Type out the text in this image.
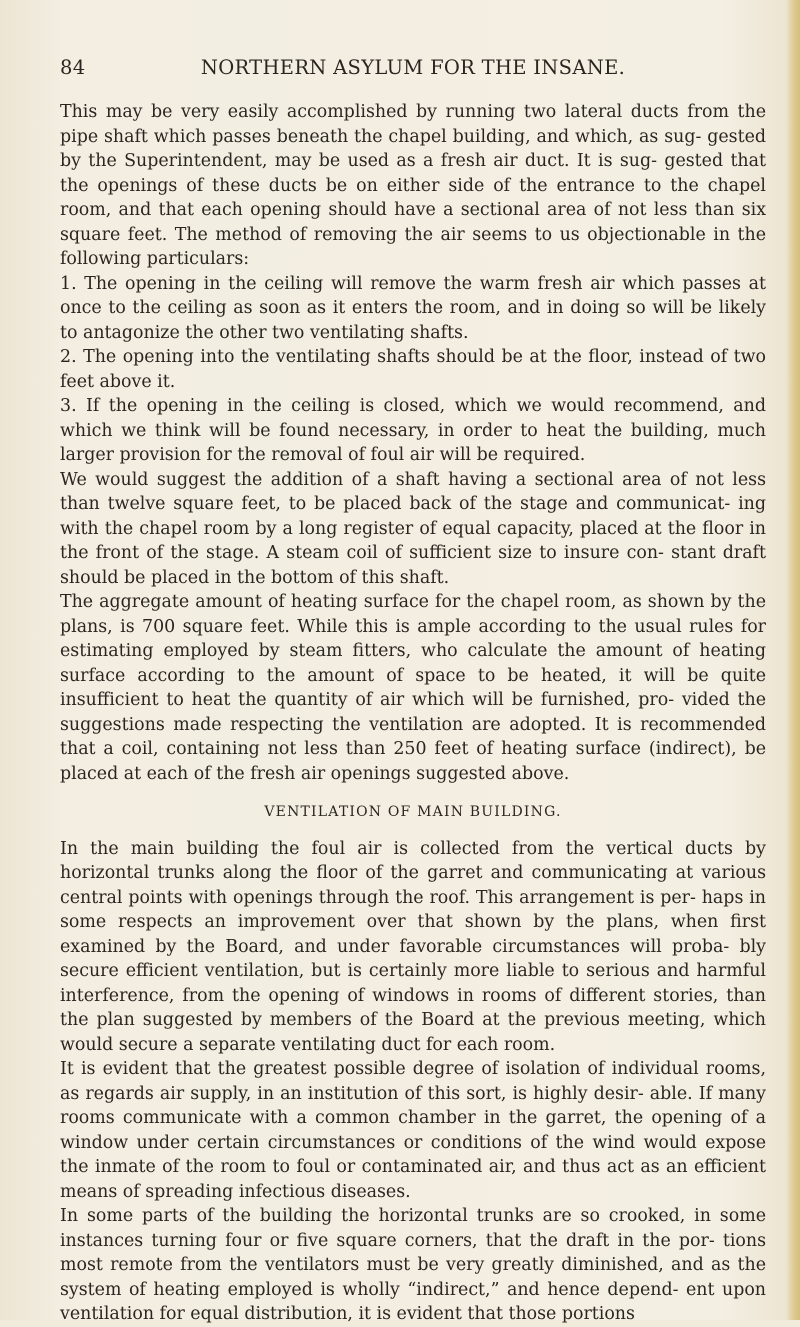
NORTHERN ASYLUM FOR THE INSANE.
84

This may be very easily accomplished by running two lateral ducts from the pipe shaft which passes beneath the chapel building, and which, as sug- gested by the Superintendent, may be used as a fresh air duct. It is sug- gested that the openings of these ducts be on either side of the entrance to the chapel room, and that each opening should have a sectional area of not less than six square feet. The method of removing the air seems to us objectionable in the following particulars:

1. The opening in the ceiling will remove the warm fresh air which passes at once to the ceiling as soon as it enters the room, and in doing so will be likely to antagonize the other two ventilating shafts.

2. The opening into the ventilating shafts should be at the floor, instead of two feet above it.

3. If the opening in the ceiling is closed, which we would recommend, and which we think will be found necessary, in order to heat the building, much larger provision for the removal of foul air will be required.

We would suggest the addition of a shaft having a sectional area of not less than twelve square feet, to be placed back of the stage and communicat- ing with the chapel room by a long register of equal capacity, placed at the floor in the front of the stage. A steam coil of sufficient size to insure con- stant draft should be placed in the bottom of this shaft.

The aggregate amount of heating surface for the chapel room, as shown by the plans, is 700 square feet. While this is ample according to the usual rules for estimating employed by steam fitters, who calculate the amount of heating surface according to the amount of space to be heated, it will be quite insufficient to heat the quantity of air which will be furnished, pro- vided the suggestions made respecting the ventilation are adopted. It is recommended that a coil, containing not less than 250 feet of heating surface (indirect), be placed at each of the fresh air openings suggested above.

VENTILATION OF MAIN BUILDING.

In the main building the foul air is collected from the vertical ducts by horizontal trunks along the floor of the garret and communicating at various central points with openings through the roof. This arrangement is per- haps in some respects an improvement over that shown by the plans, when first examined by the Board, and under favorable circumstances will proba- bly secure efficient ventilation, but is certainly more liable to serious and harmful interference, from the opening of windows in rooms of different stories, than the plan suggested by members of the Board at the previous meeting, which would secure a separate ventilating duct for each room.

It is evident that the greatest possible degree of isolation of individual rooms, as regards air supply, in an institution of this sort, is highly desir- able. If many rooms communicate with a common chamber in the garret, the opening of a window under certain circumstances or conditions of the wind would expose the inmate of the room to foul or contaminated air, and thus act as an efficient means of spreading infectious diseases.

In some parts of the building the horizontal trunks are so crooked, in some instances turning four or five square corners, that the draft in the por- tions most remote from the ventilators must be very greatly diminished, and as the system of heating employed is wholly “indirect,” and hence depend- ent upon ventilation for equal distribution, it is evident that those portions
